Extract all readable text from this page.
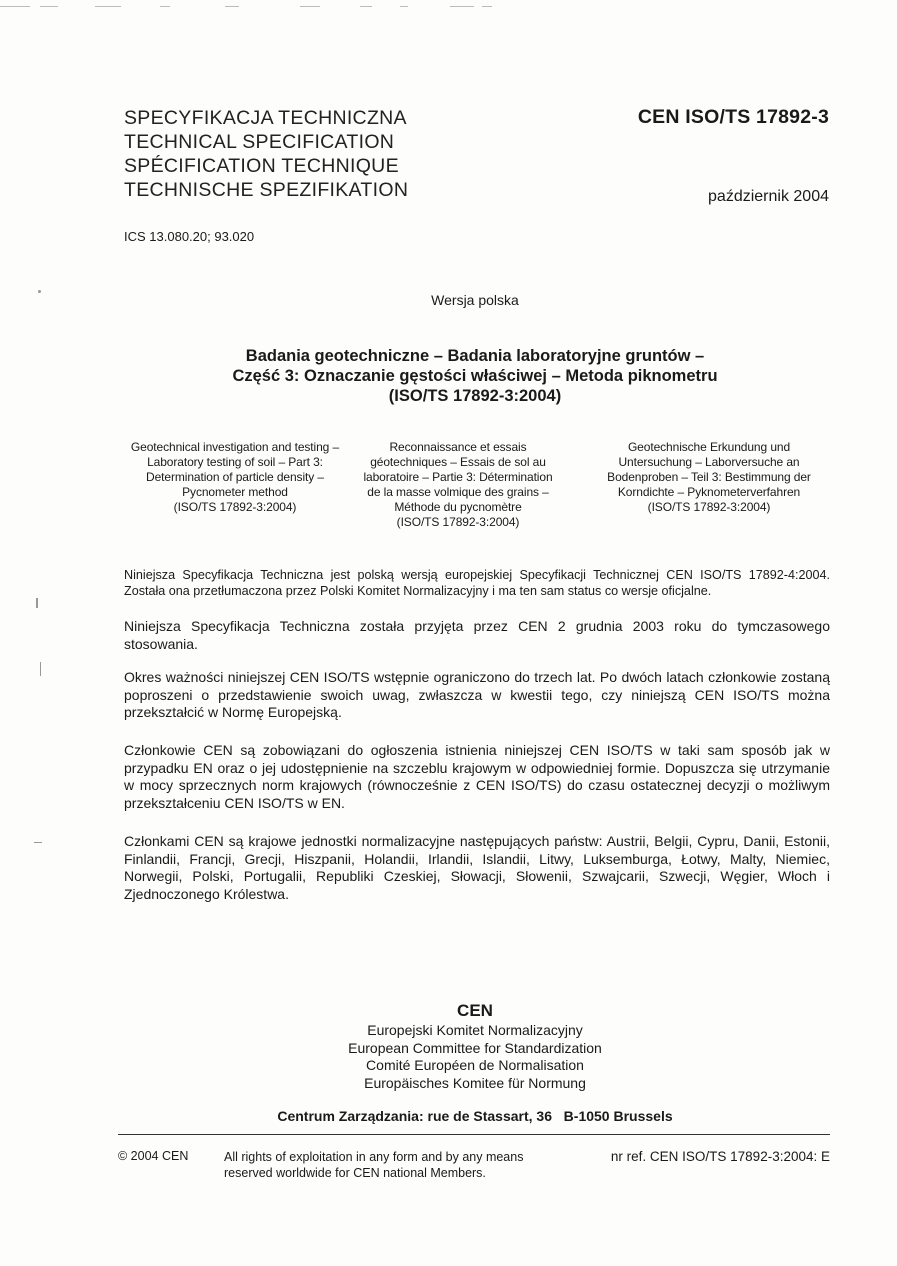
SPECYFIKACJA TECHNICZNA
TECHNICAL SPECIFICATION
SPÉCIFICATION TECHNIQUE
TECHNISCHE SPEZIFIKATION
CEN ISO/TS 17892-3
październik 2004
ICS 13.080.20; 93.020
Wersja polska
Badania geotechniczne – Badania laboratoryjne gruntów –
Część 3: Oznaczanie gęstości właściwej – Metoda piknometru
(ISO/TS 17892-3:2004)
Geotechnical investigation and testing –
Laboratory testing of soil – Part 3:
Determination of particle density –
Pycnometer method
(ISO/TS 17892-3:2004)
Reconnaissance et essais
géotechniques – Essais de sol au
laboratoire – Partie 3: Détermination
de la masse volmique des grains –
Méthode du pycnomètre
(ISO/TS 17892-3:2004)
Geotechnische Erkundung und
Untersuchung – Laborversuche an
Bodenproben – Teil 3: Bestimmung der
Korndichte – Pyknometerverfahren
(ISO/TS 17892-3:2004)

Niniejsza Specyfikacja Techniczna jest polską wersją europejskiej Specyfikacji Technicznej CEN ISO/TS 17892-4:2004. Została ona przetłumaczona przez Polski Komitet Normalizacyjny i ma ten sam status co wersje oficjalne.

Niniejsza Specyfikacja Techniczna została przyjęta przez CEN 2 grudnia 2003 roku do tymczasowego stosowania.

Okres ważności niniejszej CEN ISO/TS wstępnie ograniczono do trzech lat. Po dwóch latach członkowie zostaną poproszeni o przedstawienie swoich uwag, zwłaszcza w kwestii tego, czy niniejszą CEN ISO/TS można przekształcić w Normę Europejską.

Członkowie CEN są zobowiązani do ogłoszenia istnienia niniejszej CEN ISO/TS w taki sam sposób jak w przypadku EN oraz o jej udostępnienie na szczeblu krajowym w odpowiedniej formie. Dopuszcza się utrzymanie w mocy sprzecznych norm krajowych (równocześnie z CEN ISO/TS) do czasu ostatecznej decyzji o możliwym przekształceniu CEN ISO/TS w EN.

Członkami CEN są krajowe jednostki normalizacyjne następujących państw: Austrii, Belgii, Cypru, Danii, Estonii, Finlandii, Francji, Grecji, Hiszpanii, Holandii, Irlandii, Islandii, Litwy, Luksemburga, Łotwy, Malty, Niemiec, Norwegii, Polski, Portugalii, Republiki Czeskiej, Słowacji, Słowenii, Szwajcarii, Szwecji, Węgier, Włoch i Zjednoczonego Królestwa.

CEN
Europejski Komitet Normalizacyjny
European Committee for Standardization
Comité Européen de Normalisation
Europäisches Komitee für Normung
Centrum Zarządzania: rue de Stassart, 36   B-1050 Brussels
© 2004 CEN	All rights of exploitation in any form and by any means reserved worldwide for CEN national Members.
nr ref. CEN ISO/TS 17892-3:2004: E
